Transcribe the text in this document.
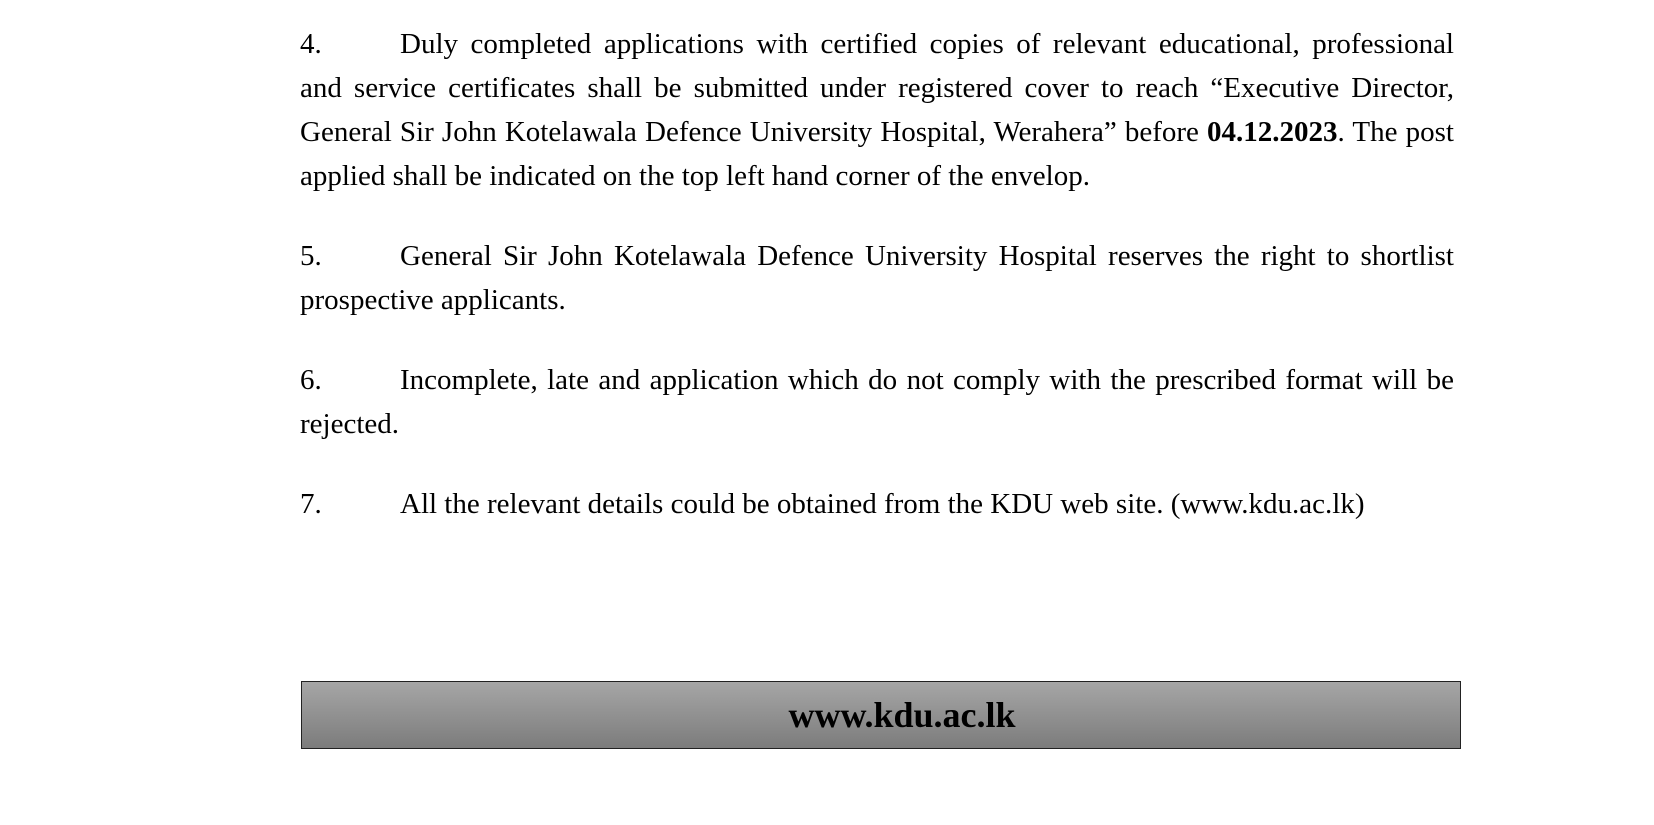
4.	Duly completed applications with certified copies of relevant educational, professional and service certificates shall be submitted under registered cover to reach “Executive Director, General Sir John Kotelawala Defence University Hospital, Werahera” before 04.12.2023. The post applied shall be indicated on the top left hand corner of the envelop.

5.	General Sir John Kotelawala Defence University Hospital reserves the right to shortlist prospective applicants.

6.	Incomplete, late and application which do not comply with the prescribed format will be rejected.

7.	All the relevant details could be obtained from the KDU web site. (www.kdu.ac.lk)

www.kdu.ac.lk
